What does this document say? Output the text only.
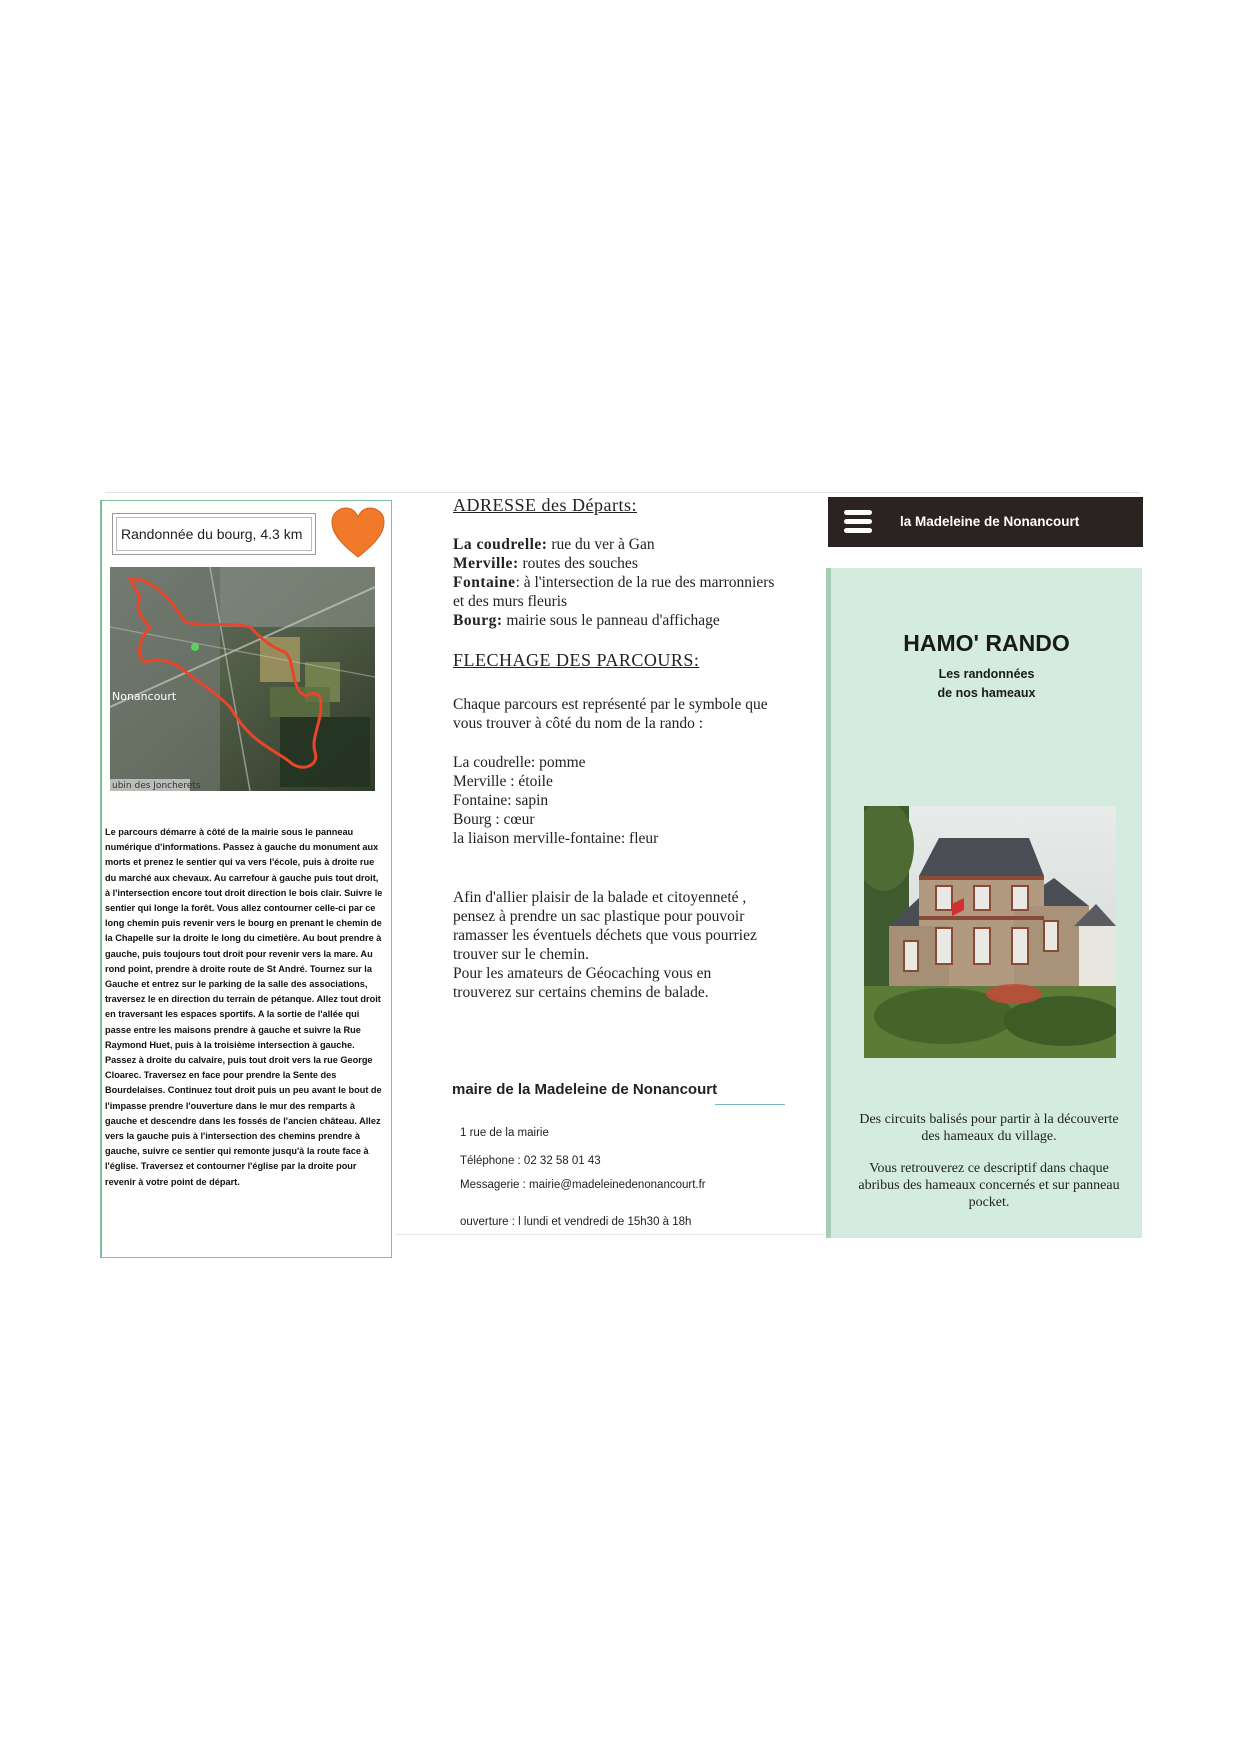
Randonnée du bourg, 4.3 km
Nonancourt
ubin des Joncherets
Le parcours démarre à côté de la mairie sous le panneau numérique d'informations. Passez à gauche du monument aux morts et prenez le sentier qui va vers l'école, puis à droite rue du marché aux chevaux. Au carrefour à gauche puis tout droit, à l'intersection encore tout droit direction le bois clair. Suivre le sentier qui longe la forêt. Vous allez contourner celle-ci par ce long chemin puis revenir vers le bourg en prenant le chemin de la Chapelle sur la droite le long du cimetière. Au bout prendre à gauche, puis toujours tout droit pour revenir vers la mare. Au rond point, prendre à droite route de St André. Tournez sur la Gauche et entrez sur le parking de la salle des associations, traversez le en direction du terrain de pétanque. Allez tout droit en traversant les espaces sportifs. A la sortie de l'allée qui passe entre les maisons prendre à gauche et suivre la Rue Raymond Huet, puis à la troisième intersection à gauche. Passez à droite du calvaire, puis tout droit vers la rue George Cloarec. Traversez en face pour prendre la Sente des Bourdelaises. Continuez tout droit puis un peu avant le bout de l'impasse prendre l'ouverture dans le mur des remparts à gauche et descendre dans les fossés de l'ancien château. Allez vers la gauche puis à l'intersection des chemins prendre à gauche, suivre ce sentier qui remonte jusqu'à la route face à l'église. Traversez et contourner l'église par la droite pour revenir à votre point de départ.
ADRESSE des Départs:

La coudrelle: rue du ver à Gan

Merville: routes des souches

Fontaine: à l'intersection de la rue des marronniers et des murs fleuris

Bourg: mairie sous le panneau d'affichage

FLECHAGE DES PARCOURS:

Chaque parcours est représenté par le symbole que vous trouver à côté du nom de la rando :

La coudrelle: pomme

Merville : étoile

Fontaine: sapin

Bourg : cœur

la liaison merville-fontaine: fleur

Afin d'allier plaisir de la balade et citoyenneté , pensez à prendre un sac plastique pour pouvoir ramasser les éventuels déchets que vous pourriez trouver sur le chemin.

Pour les amateurs de Géocaching vous en trouverez sur certains chemins de balade.

maire de la Madeleine de Nonancourt
1 rue de la mairie
Téléphone : 02 32 58 01 43
Messagerie : mairie@madeleinedenonancourt.fr
ouverture : l lundi et vendredi de 15h30 à 18h
la Madeleine de Nonancourt
HAMO' RANDO
Les randonnées
de nos hameaux
Des circuits balisés pour partir à la découverte des hameaux du village.
Vous retrouverez ce descriptif dans chaque abribus des hameaux concernés et sur panneau pocket.
